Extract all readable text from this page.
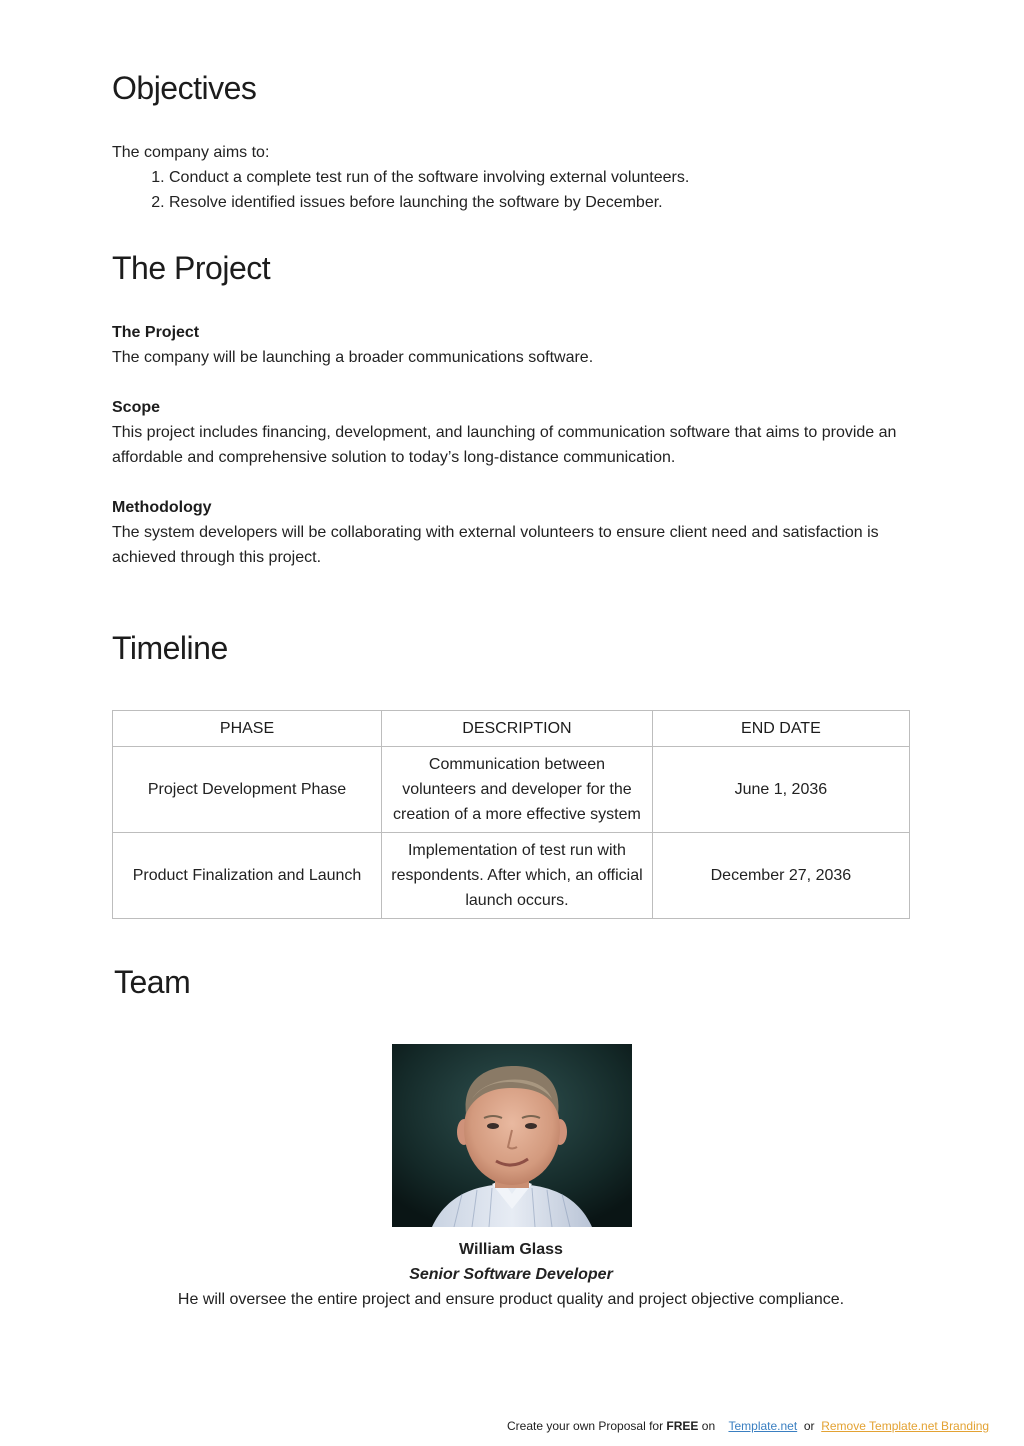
Objectives

The company aims to:

1. Conduct a complete test run of the software involving external volunteers.
2. Resolve identified issues before launching the software by December.
The Project

The Project

The company will be launching a broader communications software.

Scope

This project includes financing, development, and launching of communication software that aims to provide an affordable and comprehensive solution to today’s long-distance communication.

Methodology

The system developers will be collaborating with external volunteers to ensure client need and satisfaction is achieved through this project.

Timeline
PHASE	DESCRIPTION	END DATE
Project Development Phase	Communication between volunteers and developer for the creation of a more effective system	June 1, 2036
Product Finalization and Launch	Implementation of test run with respondents. After which, an official launch occurs.	December 27, 2036
Team
William Glass
Senior Software Developer
He will oversee the entire project and ensure product quality and project objective compliance.
Create your own Proposal for FREE on    Template.net  or  Remove Template.net Branding
